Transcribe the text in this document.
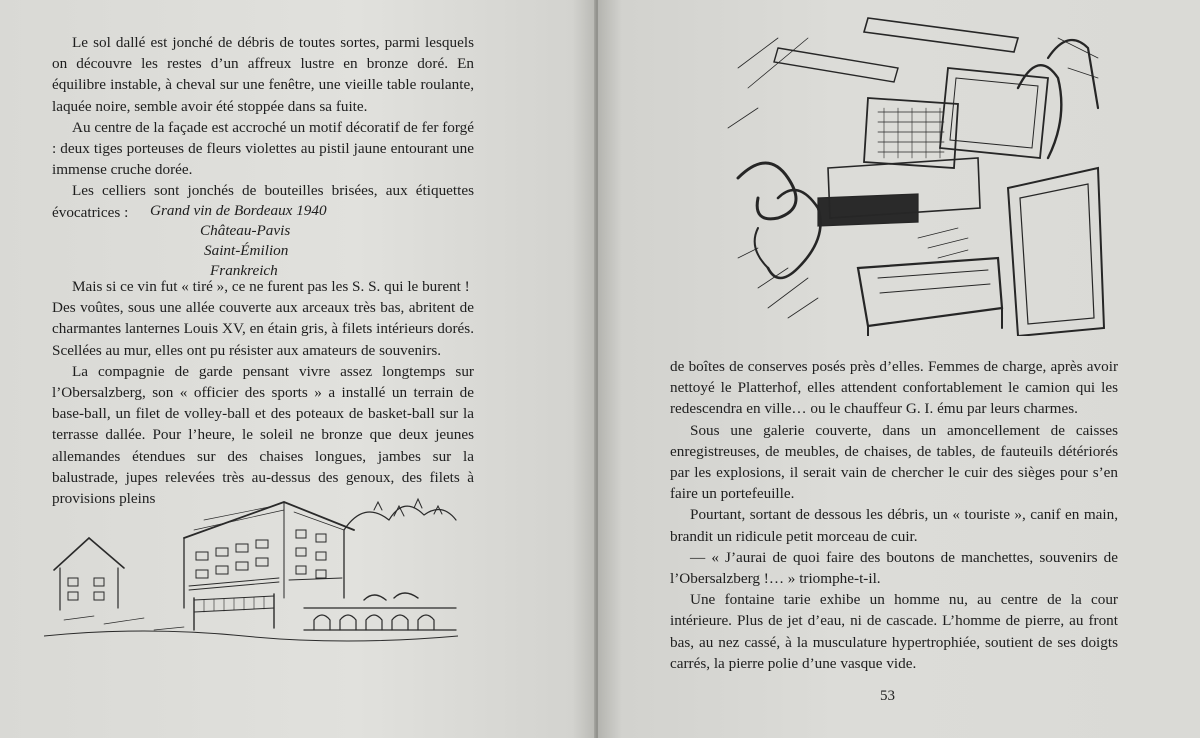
Le sol dallé est jonché de débris de toutes sortes, parmi lesquels on découvre les restes d’un affreux lustre en bronze doré. En équilibre instable, à cheval sur une fenêtre, une vieille table roulante, laquée noire, semble avoir été stoppée dans sa fuite.

Au centre de la façade est accroché un motif décoratif de fer forgé : deux tiges porteuses de fleurs violettes au pistil jaune entourant une immense cruche dorée.

Les celliers sont jonchés de bouteilles brisées, aux étiquettes évocatrices :	Grand vin de Bordeaux 1940
Château-Pavis
Saint-Émilion
Frankreich

Mais si ce vin fut « tiré », ce ne furent pas les S. S. qui le burent !

Des voûtes, sous une allée couverte aux arceaux très bas, abritent de charmantes lanternes Louis XV, en étain gris, à filets intérieurs dorés. Scellées au mur, elles ont pu résister aux amateurs de souvenirs.

La compagnie de garde pensant vivre assez longtemps sur l’Obersalzberg, son « officier des sports » a installé un terrain de base-ball, un filet de volley-ball et des poteaux de basket-ball sur la terrasse dallée. Pour l’heure, le soleil ne bronze que deux jeunes allemandes étendues sur des chaises longues, jambes sur la balustrade, jupes relevées très au-dessus des genoux, des filets à provisions pleins

de boîtes de conserves posés près d’elles. Femmes de charge, après avoir nettoyé le Platterhof, elles attendent confortablement le camion qui les redescendra en ville… ou le chauffeur G. I. ému par leurs charmes.

Sous une galerie couverte, dans un amoncellement de caisses enregistreuses, de meubles, de chaises, de tables, de fauteuils détériorés par les explosions, il serait vain de chercher le cuir des sièges pour s’en faire un portefeuille.

Pourtant, sortant de dessous les débris, un « touriste », canif en main, brandit un ridicule petit morceau de cuir.

— « J’aurai de quoi faire des boutons de manchettes, souvenirs de l’Obersalzberg !… » triomphe-t-il.

Une fontaine tarie exhibe un homme nu, au centre de la cour intérieure. Plus de jet d’eau, ni de cascade. L’homme de pierre, au front bas, au nez cassé, à la musculature hypertrophiée, soutient de ses doigts carrés, la pierre polie d’une vasque vide.

53
